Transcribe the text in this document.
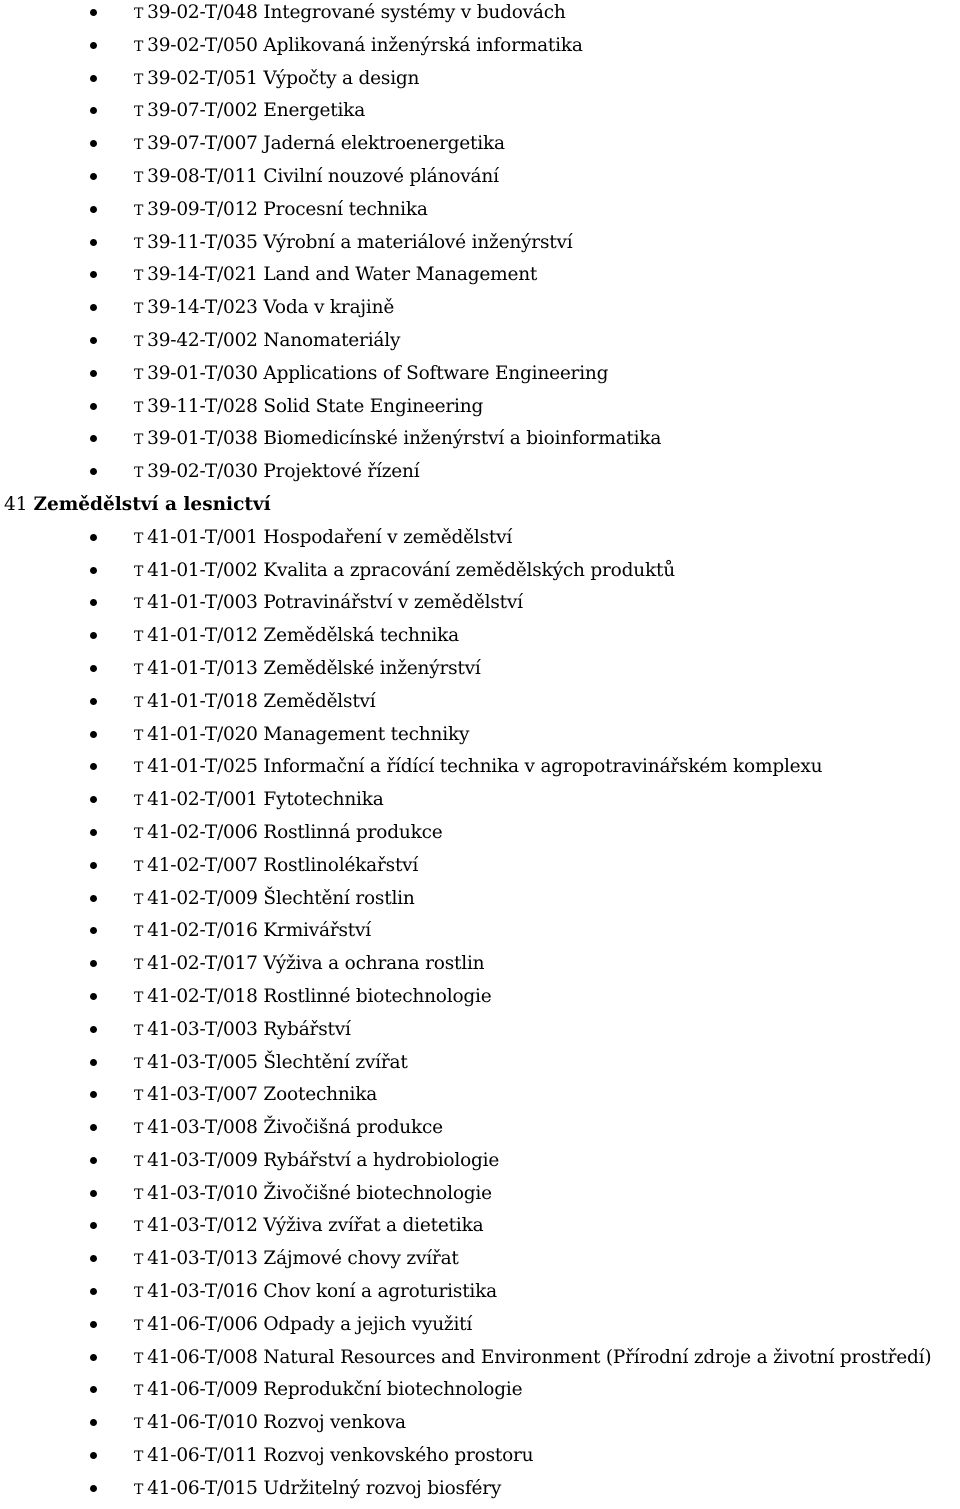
T 39-02-T/048 Integrované systémy v budovách
T 39-02-T/050 Aplikovaná inženýrská informatika
T 39-02-T/051 Výpočty a design
T 39-07-T/002 Energetika
T 39-07-T/007 Jaderná elektroenergetika
T 39-08-T/011 Civilní nouzové plánování
T 39-09-T/012 Procesní technika
T 39-11-T/035 Výrobní a materiálové inženýrství
T 39-14-T/021 Land and Water Management
T 39-14-T/023 Voda v krajině
T 39-42-T/002 Nanomateriály
T 39-01-T/030 Applications of Software Engineering
T 39-11-T/028 Solid State Engineering
T 39-01-T/038 Biomedicínské inženýrství a bioinformatika
T 39-02-T/030 Projektové řízení
41 Zemědělství a lesnictví
T 41-01-T/001 Hospodaření v zemědělství
T 41-01-T/002 Kvalita a zpracování zemědělských produktů
T 41-01-T/003 Potravinářství v zemědělství
T 41-01-T/012 Zemědělská technika
T 41-01-T/013 Zemědělské inženýrství
T 41-01-T/018 Zemědělství
T 41-01-T/020 Management techniky
T 41-01-T/025 Informační a řídící technika v agropotravinářském komplexu
T 41-02-T/001 Fytotechnika
T 41-02-T/006 Rostlinná produkce
T 41-02-T/007 Rostlinolékařství
T 41-02-T/009 Šlechtění rostlin
T 41-02-T/016 Krmivářství
T 41-02-T/017 Výživa a ochrana rostlin
T 41-02-T/018 Rostlinné biotechnologie
T 41-03-T/003 Rybářství
T 41-03-T/005 Šlechtění zvířat
T 41-03-T/007 Zootechnika
T 41-03-T/008 Živočišná produkce
T 41-03-T/009 Rybářství a hydrobiologie
T 41-03-T/010 Živočišné biotechnologie
T 41-03-T/012 Výživa zvířat a dietetika
T 41-03-T/013 Zájmové chovy zvířat
T 41-03-T/016 Chov koní a agroturistika
T 41-06-T/006 Odpady a jejich využití
T 41-06-T/008 Natural Resources and Environment (Přírodní zdroje a životní prostředí)
T 41-06-T/009 Reprodukční biotechnologie
T 41-06-T/010 Rozvoj venkova
T 41-06-T/011 Rozvoj venkovského prostoru
T 41-06-T/015 Udržitelný rozvoj biosféry
